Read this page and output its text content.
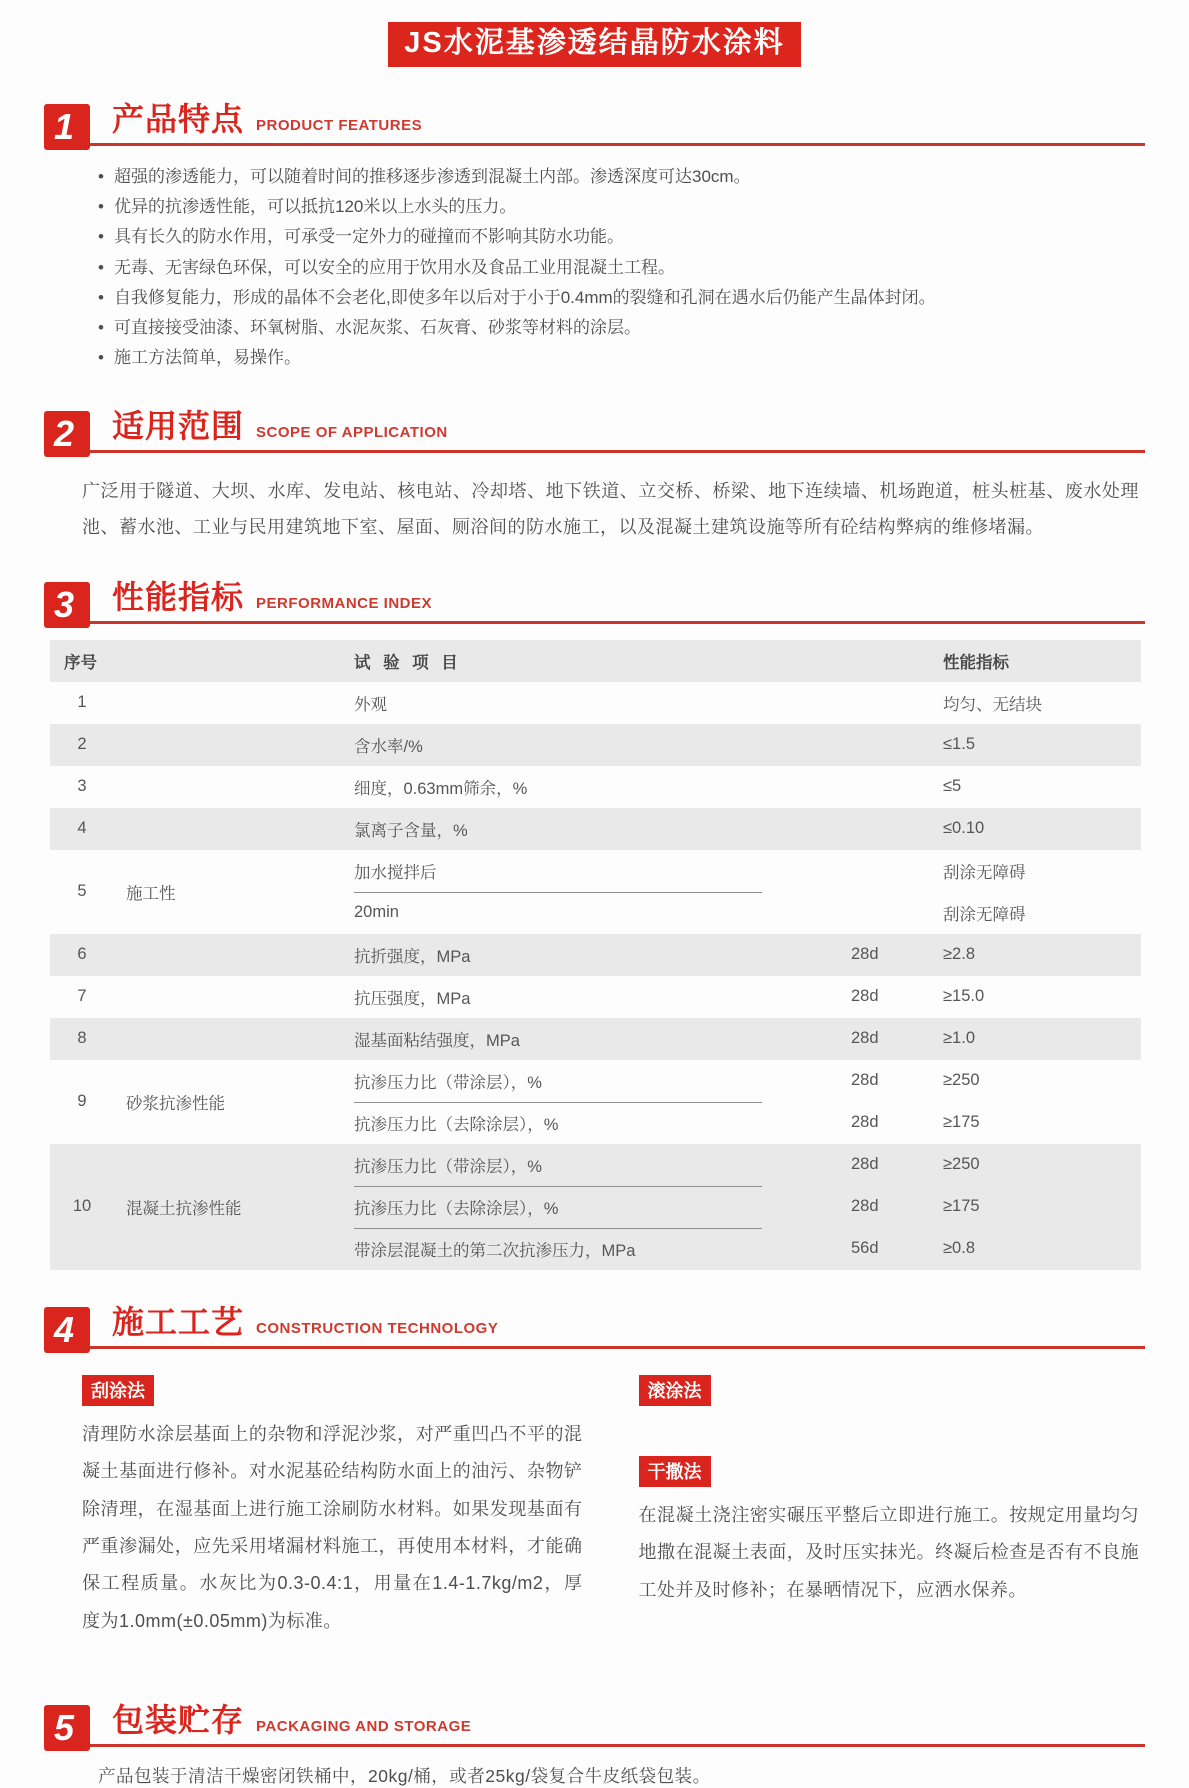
JS水泥基渗透结晶防水涂料
1	产品特点 PRODUCT FEATURES
• 超强的渗透能力，可以随着时间的推移逐步渗透到混凝土内部。渗透深度可达30cm。
• 优异的抗渗透性能，可以抵抗120米以上水头的压力。
• 具有长久的防水作用，可承受一定外力的碰撞而不影响其防水功能。
• 无毒、无害绿色环保，可以安全的应用于饮用水及食品工业用混凝土工程。
• 自我修复能力，形成的晶体不会老化,即使多年以后对于小于0.4mm的裂缝和孔洞在遇水后仍能产生晶体封闭。
• 可直接接受油漆、环氧树脂、水泥灰浆、石灰膏、砂浆等材料的涂层。
• 施工方法简单，易操作。
2	适用范围 SCOPE OF APPLICATION

广泛用于隧道、大坝、水库、发电站、核电站、冷却塔、地下铁道、立交桥、桥梁、地下连续墙、机场跑道，桩头桩基、废水处理池、蓄水池、工业与民用建筑地下室、屋面、厕浴间的防水施工，以及混凝土建筑设施等所有砼结构弊病的维修堵漏。

3	性能指标 PERFORMANCE INDEX
序号	试 验 项 目	性能指标
1	外观	均匀、无结块
2	含水率/%	≤1.5
3	细度，0.63mm筛余，%	≤5
4	氯离子含量，%	≤0.10
5	施工性
加水搅拌后	刮涂无障碍
20min	刮涂无障碍
6	抗折强度，MPa	28d	≥2.8
7	抗压强度，MPa	28d	≥15.0
8	湿基面粘结强度，MPa	28d	≥1.0
9	砂浆抗渗性能
抗渗压力比（带涂层），%	28d	≥250
抗渗压力比（去除涂层），%	28d	≥175
10	混凝土抗渗性能
抗渗压力比（带涂层），%	28d	≥250
抗渗压力比（去除涂层），%	28d	≥175
带涂层混凝土的第二次抗渗压力，MPa	56d	≥0.8
4	施工工艺 CONSTRUCTION TECHNOLOGY
刮涂法
清理防水涂层基面上的杂物和浮泥沙浆，对严重凹凸不平的混凝土基面进行修补。对水泥基砼结构防水面上的油污、杂物铲除清理，在湿基面上进行施工涂刷防水材料。如果发现基面有严重渗漏处，应先采用堵漏材料施工，再使用本材料，才能确保工程质量。水灰比为0.3-0.4:1，用量在1.4-1.7kg/m2，厚度为1.0mm(±0.05mm)为标准。
滚涂法
干撒法
在混凝土浇注密实碾压平整后立即进行施工。按规定用量均匀地撒在混凝土表面，及时压实抹光。终凝后检查是否有不良施工处并及时修补；在暴晒情况下，应洒水保养。
5	包装贮存 PACKAGING AND STORAGE

产品包装于清洁干燥密闭铁桶中，20kg/桶，或者25kg/袋复合牛皮纸袋包装。
